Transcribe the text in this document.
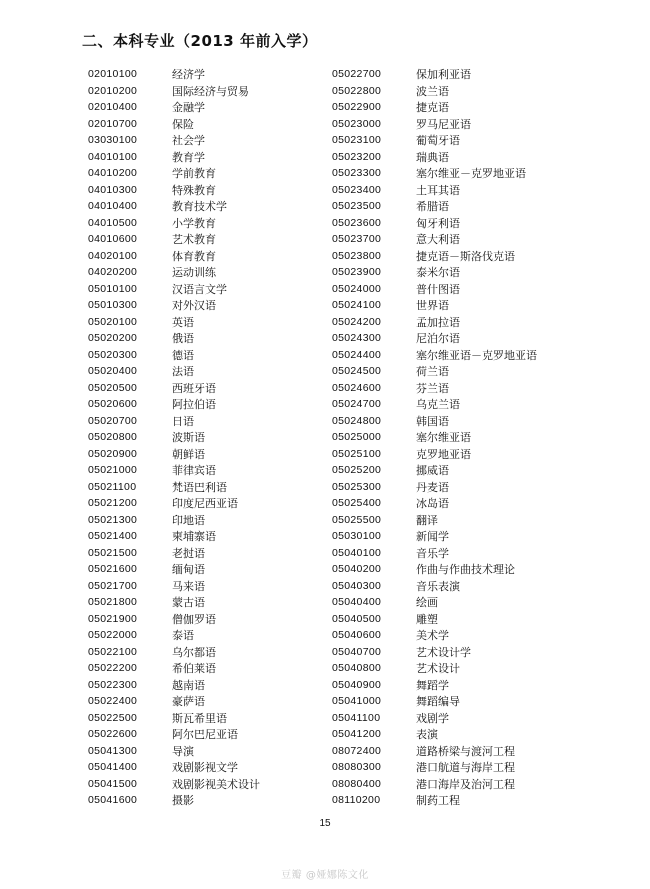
二、本科专业（2013 年前入学）
02010100	经济学
02010200	国际经济与贸易
02010400	金融学
02010700	保险
03030100	社会学
04010100	教育学
04010200	学前教育
04010300	特殊教育
04010400	教育技术学
04010500	小学教育
04010600	艺术教育
04020100	体育教育
04020200	运动训练
05010100	汉语言文学
05010300	对外汉语
05020100	英语
05020200	俄语
05020300	德语
05020400	法语
05020500	西班牙语
05020600	阿拉伯语
05020700	日语
05020800	波斯语
05020900	朝鲜语
05021000	菲律宾语
05021100	梵语巴利语
05021200	印度尼西亚语
05021300	印地语
05021400	柬埔寨语
05021500	老挝语
05021600	缅甸语
05021700	马来语
05021800	蒙古语
05021900	僧伽罗语
05022000	泰语
05022100	乌尔都语
05022200	希伯莱语
05022300	越南语
05022400	豪萨语
05022500	斯瓦希里语
05022600	阿尔巴尼亚语
05041300	导演
05041400	戏剧影视文学
05041500	戏剧影视美术设计
05041600	摄影
05022700	保加利亚语
05022800	波兰语
05022900	捷克语
05023000	罗马尼亚语
05023100	葡萄牙语
05023200	瑞典语
05023300	塞尔维亚－克罗地亚语
05023400	土耳其语
05023500	希腊语
05023600	匈牙利语
05023700	意大利语
05023800	捷克语－斯洛伐克语
05023900	泰米尔语
05024000	普什图语
05024100	世界语
05024200	孟加拉语
05024300	尼泊尔语
05024400	塞尔维亚语－克罗地亚语
05024500	荷兰语
05024600	芬兰语
05024700	乌克兰语
05024800	韩国语
05025000	塞尔维亚语
05025100	克罗地亚语
05025200	挪威语
05025300	丹麦语
05025400	冰岛语
05025500	翻译
05030100	新闻学
05040100	音乐学
05040200	作曲与作曲技术理论
05040300	音乐表演
05040400	绘画
05040500	雕塑
05040600	美术学
05040700	艺术设计学
05040800	艺术设计
05040900	舞蹈学
05041000	舞蹈编导
05041100	戏剧学
05041200	表演
08072400	道路桥梁与渡河工程
08080300	港口航道与海岸工程
08080400	港口海岸及治河工程
08110200	制药工程
15
豆瓣 @娅娜陈文化
